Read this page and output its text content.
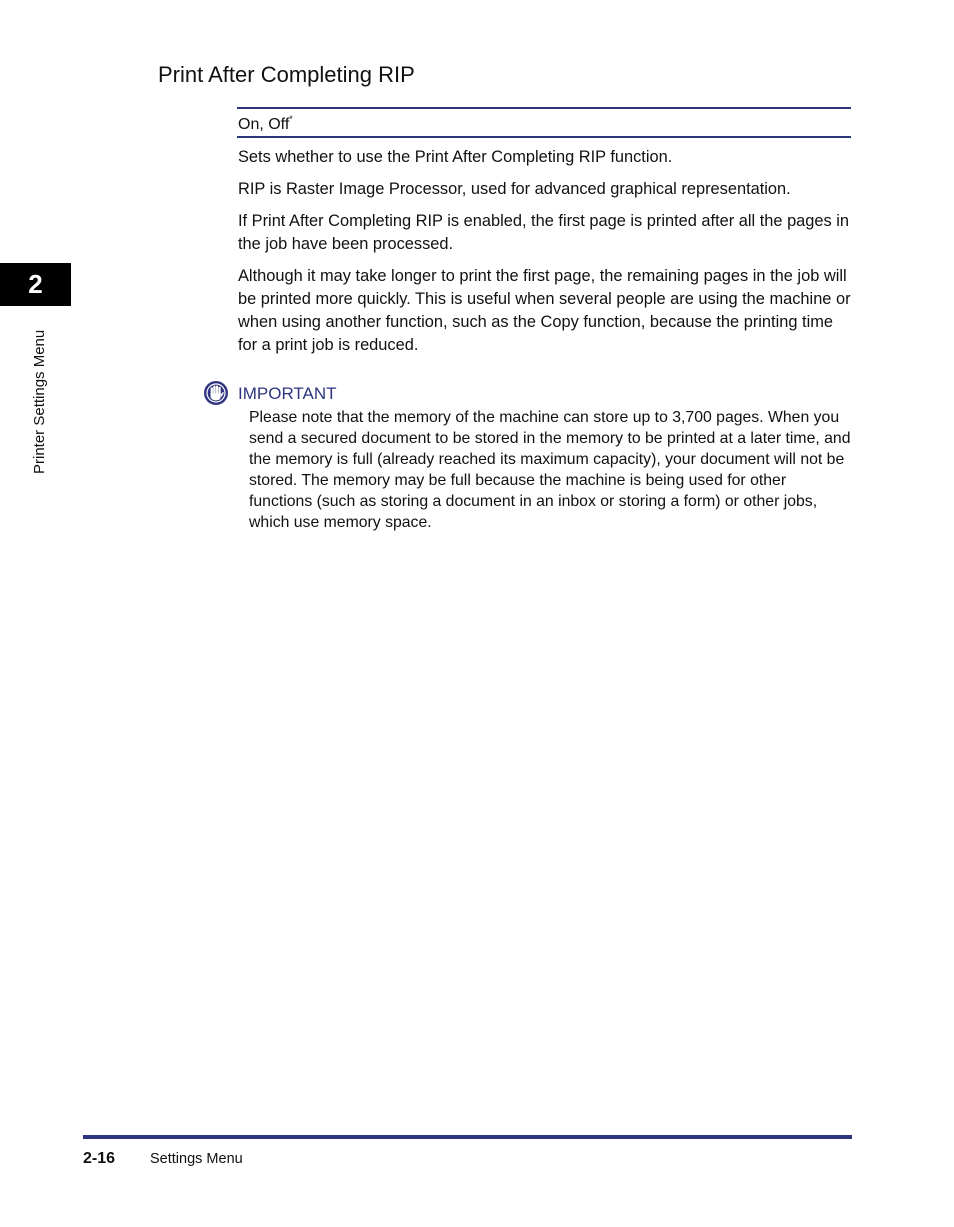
2
Printer Settings Menu
Print After Completing RIP
On, Off*

Sets whether to use the Print After Completing RIP function.

RIP is Raster Image Processor, used for advanced graphical representation.

If Print After Completing RIP is enabled, the first page is printed after all the pages in the job have been processed.

Although it may take longer to print the first page, the remaining pages in the job will be printed more quickly. This is useful when several people are using the machine or when using another function, such as the Copy function, because the printing time for a print job is reduced.

IMPORTANT

Please note that the memory of the machine can store up to 3,700 pages. When you send a secured document to be stored in the memory to be printed at a later time, and the memory is full (already reached its maximum capacity), your document will not be stored. The memory may be full because the machine is being used for other functions (such as storing a document in an inbox or storing a form) or other jobs, which use memory space.

2-16 Settings Menu
